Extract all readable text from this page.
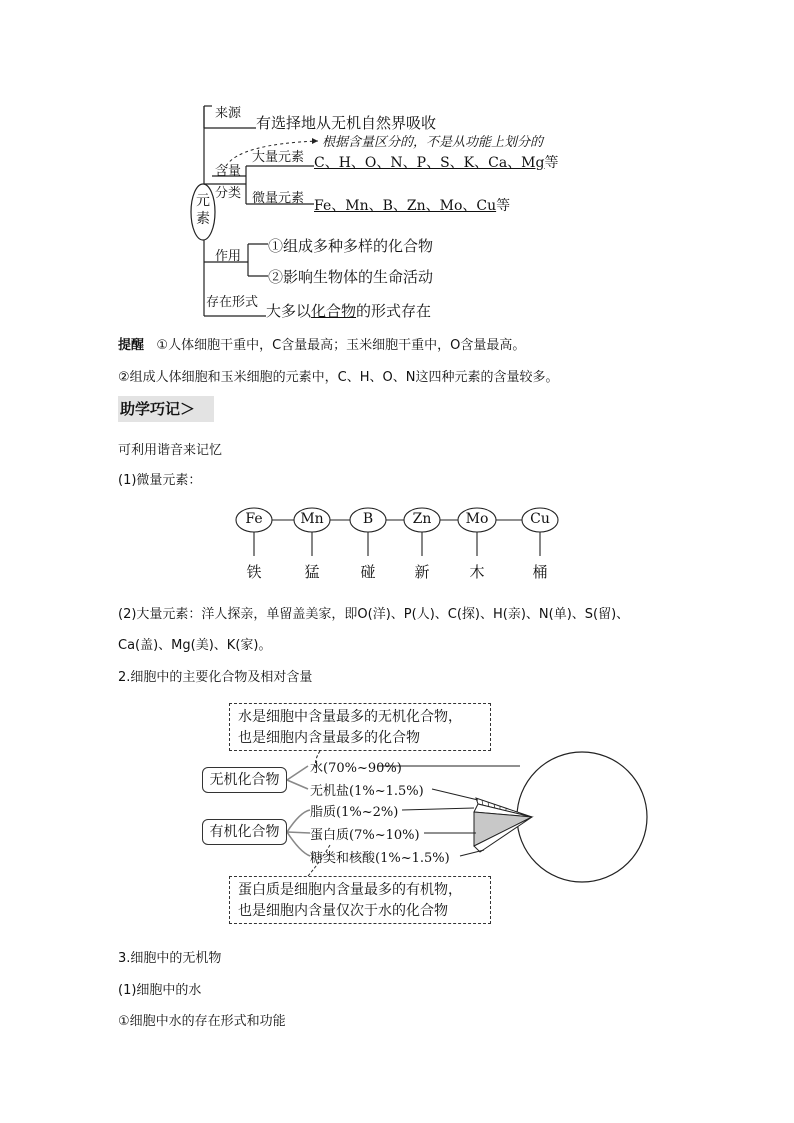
来源
有选择地从无机自然界吸收
含量
分类
根据含量区分的，不是从功能上划分的
大量元素 C、H、O、N、P、S、K、Ca、Mg等
微量元素 Fe、Mn、B、Zn、Mo、Cu等
元素
作用
①组成多种多样的化合物
②影响生物体的生命活动
存在形式 大多以化合物的形式存在
提醒 ①人体细胞干重中，C含量最高；玉米细胞干重中，O含量最高。
②组成人体细胞和玉米细胞的元素中，C、H、O、N这四种元素的含量较多。
助学巧记＞
可利用谐音来记忆
(1)微量元素：
Fe	Mn	B	Zn	Mo	Cu
铁	猛	碰	新	木	桶
(2)大量元素：洋人探亲，单留盖美家，即O(洋)、P(人)、C(探)、H(亲)、N(单)、S(留)、
Ca(盖)、Mg(美)、K(家)。
2.细胞中的主要化合物及相对含量
水是细胞中含量最多的无机化合物，
也是细胞内含量最多的化合物
无机化合物
有机化合物
水(70%~90%)
无机盐(1%~1.5%)
脂质(1%~2%)
蛋白质(7%~10%)
糖类和核酸(1%~1.5%)
蛋白质是细胞内含量最多的有机物，
也是细胞内含量仅次于水的化合物
3.细胞中的无机物
(1)细胞中的水
①细胞中水的存在形式和功能
